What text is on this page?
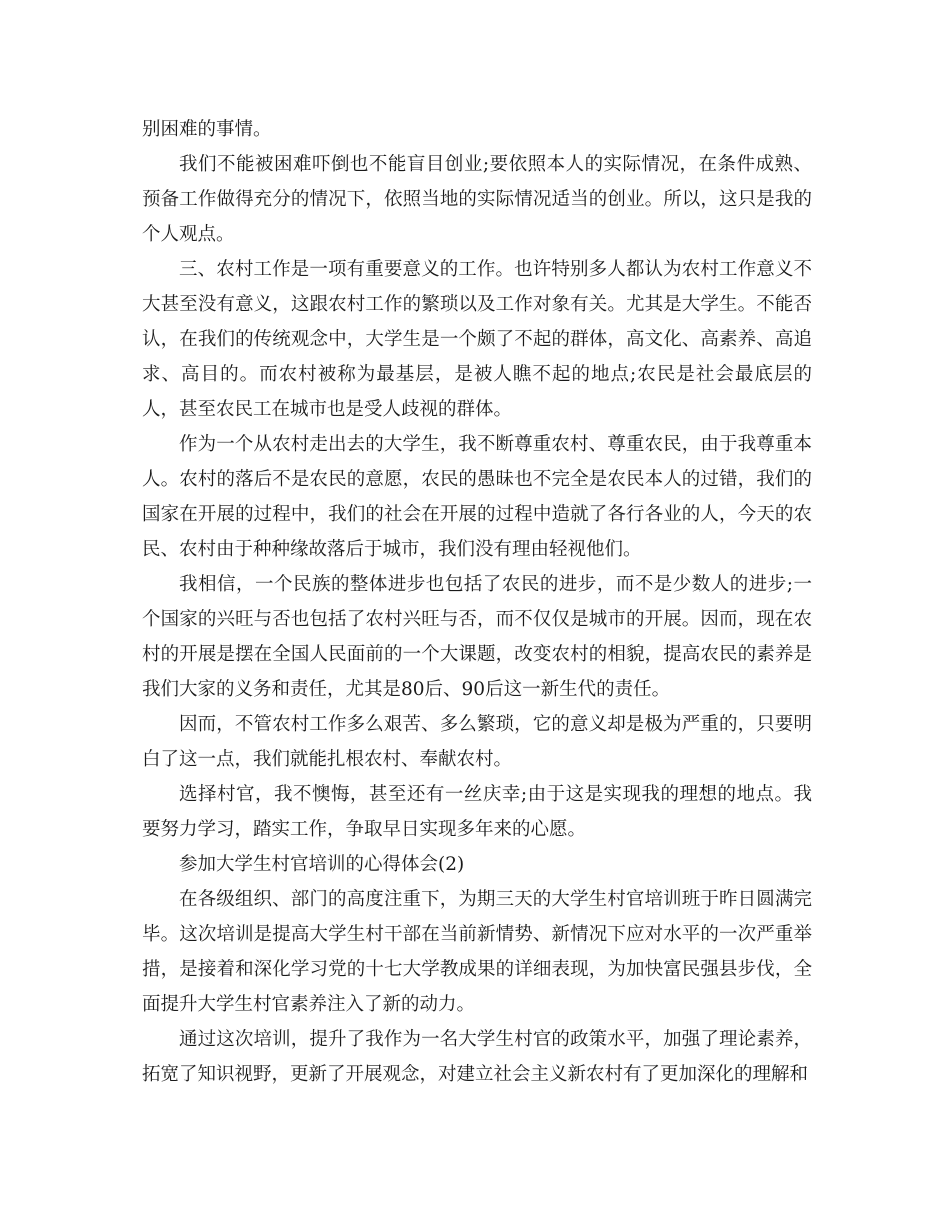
别困难的事情。

我们不能被困难吓倒也不能盲目创业;要依照本人的实际情况，在条件成熟、预备工作做得充分的情况下，依照当地的实际情况适当的创业。所以，这只是我的个人观点。

三、农村工作是一项有重要意义的工作。也许特别多人都认为农村工作意义不大甚至没有意义，这跟农村工作的繁琐以及工作对象有关。尤其是大学生。不能否认，在我们的传统观念中，大学生是一个颇了不起的群体，高文化、高素养、高追求、高目的。而农村被称为最基层，是被人瞧不起的地点;农民是社会最底层的人，甚至农民工在城市也是受人歧视的群体。

作为一个从农村走出去的大学生，我不断尊重农村、尊重农民，由于我尊重本人。农村的落后不是农民的意愿，农民的愚昧也不完全是农民本人的过错，我们的国家在开展的过程中，我们的社会在开展的过程中造就了各行各业的人，今天的农民、农村由于种种缘故落后于城市，我们没有理由轻视他们。

我相信，一个民族的整体进步也包括了农民的进步，而不是少数人的进步;一个国家的兴旺与否也包括了农村兴旺与否，而不仅仅是城市的开展。因而，现在农村的开展是摆在全国人民面前的一个大课题，改变农村的相貌，提高农民的素养是我们大家的义务和责任，尤其是80后、90后这一新生代的责任。

因而，不管农村工作多么艰苦、多么繁琐，它的意义却是极为严重的，只要明白了这一点，我们就能扎根农村、奉献农村。

选择村官，我不懊悔，甚至还有一丝庆幸;由于这是实现我的理想的地点。我要努力学习，踏实工作，争取早日实现多年来的心愿。

参加大学生村官培训的心得体会(2)

在各级组织、部门的高度注重下，为期三天的大学生村官培训班于昨日圆满完毕。这次培训是提高大学生村干部在当前新情势、新情况下应对水平的一次严重举措，是接着和深化学习党的十七大学教成果的详细表现，为加快富民强县步伐，全面提升大学生村官素养注入了新的动力。

通过这次培训，提升了我作为一名大学生村官的政策水平，加强了理论素养，拓宽了知识视野，更新了开展观念，对建立社会主义新农村有了更加深化的理解和
